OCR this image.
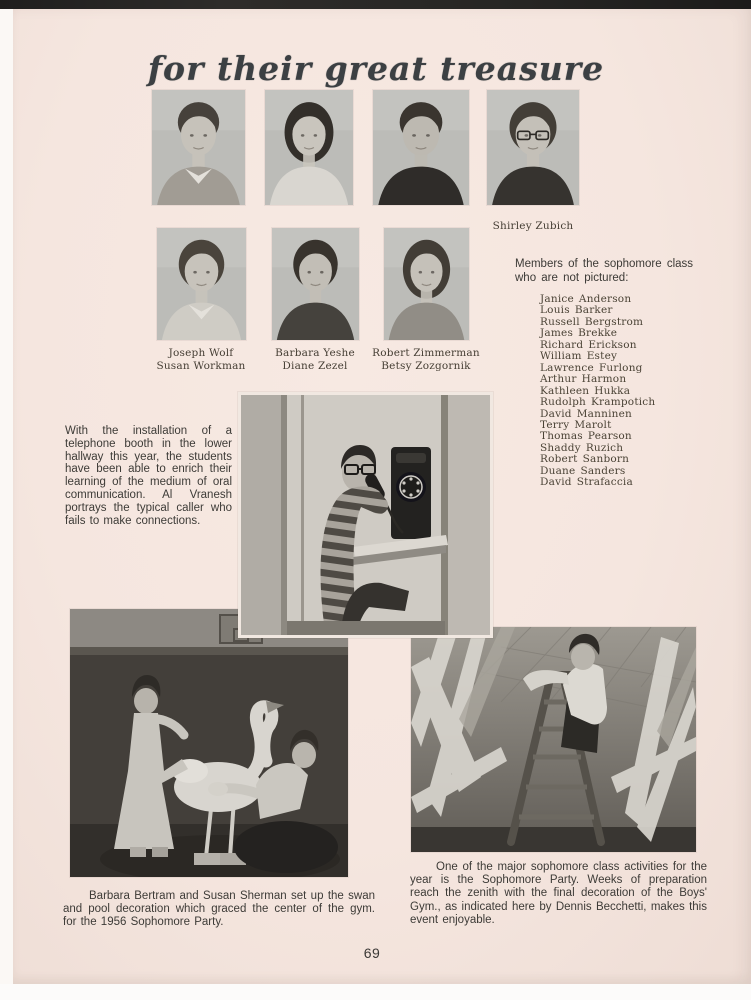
for their great treasure
Shirley Zubich
Joseph Wolf
Susan Workman
Barbara Yeshe
Diane Zezel
Robert Zimmerman
Betsy Zozgornik
Members of the sophomore class
who are not pictured:
Janice Anderson
Louis Barker
Russell Bergstrom
James Brekke
Richard Erickson
William Estey
Lawrence Furlong
Arthur Harmon
Kathleen Hukka
Rudolph Krampotich
David Manninen
Terry Marolt
Thomas Pearson
Shaddy Ruzich
Robert Sanborn
Duane Sanders
David Strafaccia
With the installation of a telephone booth in the lower hallway this year, the students have been able to enrich their learning of the medium of oral communication. Al Vranesh portrays the typical caller who fails to make connections.
Barbara Bertram and Susan Sherman set up the swan and pool decoration which graced the center of the gym. for the 1956 Sophomore Party.
One of the major sophomore class activities for the year is the Sophomore Party. Weeks of preparation reach the zenith with the final decoration of the Boys' Gym., as indicated here by Dennis Becchetti, makes this event enjoyable.
69
